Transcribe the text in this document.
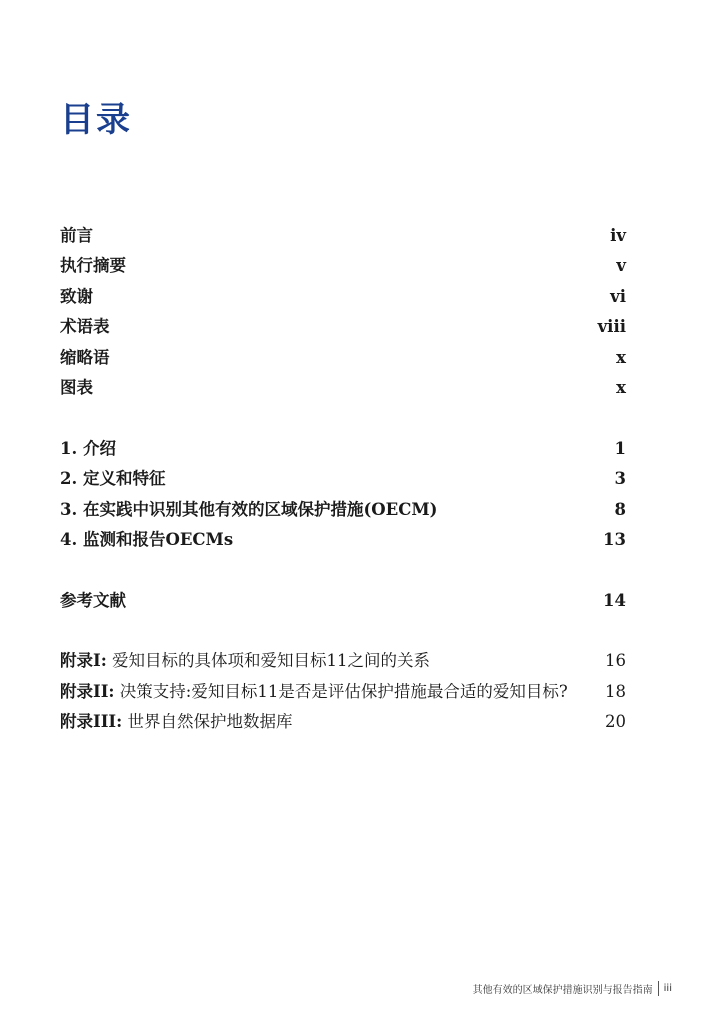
目录
前言	iv
执行摘要	v
致谢	vi
术语表	viii
缩略语	x
图表	x
1. 介绍	1
2. 定义和特征	3
3. 在实践中识别其他有效的区域保护措施(OECM)	8
4. 监测和报告OECMs	13
参考文献	14
附录I: 爱知目标的具体项和爱知目标11之间的关系	16
附录II: 决策支持:爱知目标11是否是评估保护措施最合适的爱知目标?	18
附录III: 世界自然保护地数据库	20
其他有效的区域保护措施识别与报告指南 iii
